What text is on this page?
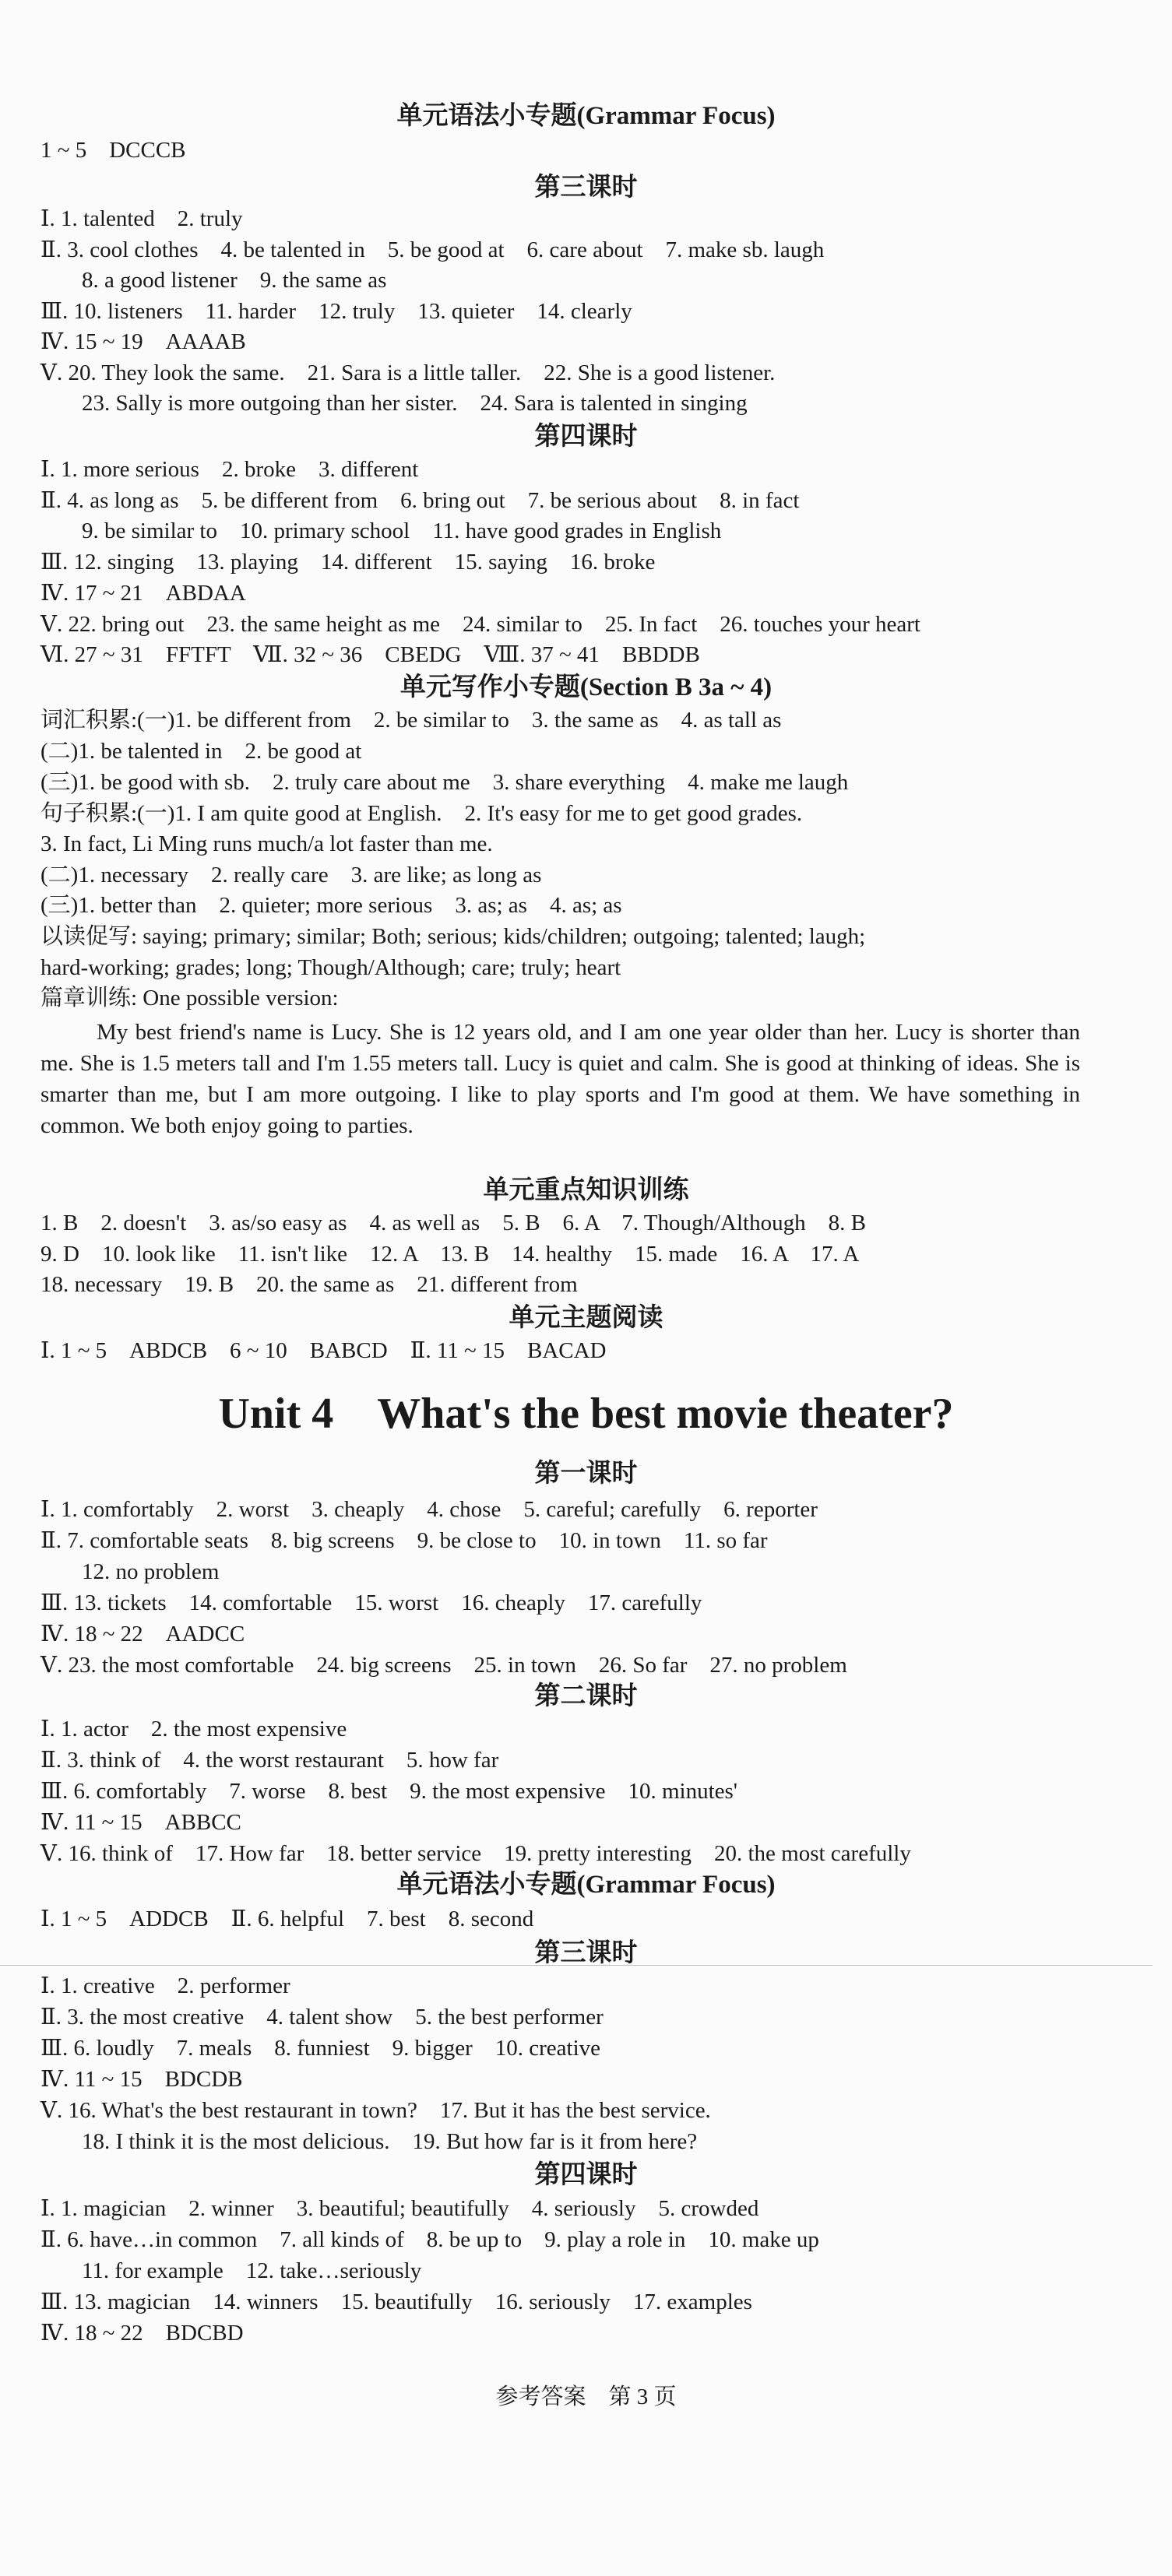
单元语法小专题(Grammar Focus)
1 ~ 5　DCCCB
第三课时
Ⅰ. 1. talented　2. truly
Ⅱ. 3. cool clothes　4. be talented in　5. be good at　6. care about　7. make sb. laugh
8. a good listener　9. the same as
Ⅲ. 10. listeners　11. harder　12. truly　13. quieter　14. clearly
Ⅳ. 15 ~ 19　AAAAB
Ⅴ. 20. They look the same.　21. Sara is a little taller.　22. She is a good listener.
23. Sally is more outgoing than her sister.　24. Sara is talented in singing
第四课时
Ⅰ. 1. more serious　2. broke　3. different
Ⅱ. 4. as long as　5. be different from　6. bring out　7. be serious about　8. in fact
9. be similar to　10. primary school　11. have good grades in English
Ⅲ. 12. singing　13. playing　14. different　15. saying　16. broke
Ⅳ. 17 ~ 21　ABDAA
Ⅴ. 22. bring out　23. the same height as me　24. similar to　25. In fact　26. touches your heart
Ⅵ. 27 ~ 31　FFTFT　Ⅶ. 32 ~ 36　CBEDG　Ⅷ. 37 ~ 41　BBDDB
单元写作小专题(Section B 3a ~ 4)
词汇积累:(一)1. be different from　2. be similar to　3. the same as　4. as tall as
(二)1. be talented in　2. be good at
(三)1. be good with sb.　2. truly care about me　3. share everything　4. make me laugh
句子积累:(一)1. I am quite good at English.　2. It's easy for me to get good grades.
3. In fact, Li Ming runs much/a lot faster than me.
(二)1. necessary　2. really care　3. are like; as long as
(三)1. better than　2. quieter; more serious　3. as; as　4. as; as
以读促写: saying; primary; similar; Both; serious; kids/children; outgoing; talented; laugh;
hard-working; grades; long; Though/Although; care; truly; heart
篇章训练: One possible version:
单元重点知识训练
1. B　2. doesn't　3. as/so easy as　4. as well as　5. B　6. A　7. Though/Although　8. B
9. D　10. look like　11. isn't like　12. A　13. B　14. healthy　15. made　16. A　17. A
18. necessary　19. B　20. the same as　21. different from
单元主题阅读
Ⅰ. 1 ~ 5　ABDCB　6 ~ 10　BABCD　Ⅱ. 11 ~ 15　BACAD
Unit 4　What's the best movie theater?
第一课时
Ⅰ. 1. comfortably　2. worst　3. cheaply　4. chose　5. careful; carefully　6. reporter
Ⅱ. 7. comfortable seats　8. big screens　9. be close to　10. in town　11. so far
12. no problem
Ⅲ. 13. tickets　14. comfortable　15. worst　16. cheaply　17. carefully
Ⅳ. 18 ~ 22　AADCC
Ⅴ. 23. the most comfortable　24. big screens　25. in town　26. So far　27. no problem
第二课时
Ⅰ. 1. actor　2. the most expensive
Ⅱ. 3. think of　4. the worst restaurant　5. how far
Ⅲ. 6. comfortably　7. worse　8. best　9. the most expensive　10. minutes'
Ⅳ. 11 ~ 15　ABBCC
Ⅴ. 16. think of　17. How far　18. better service　19. pretty interesting　20. the most carefully
单元语法小专题(Grammar Focus)
Ⅰ. 1 ~ 5　ADDCB　Ⅱ. 6. helpful　7. best　8. second
第三课时
Ⅰ. 1. creative　2. performer
Ⅱ. 3. the most creative　4. talent show　5. the best performer
Ⅲ. 6. loudly　7. meals　8. funniest　9. bigger　10. creative
Ⅳ. 11 ~ 15　BDCDB
Ⅴ. 16. What's the best restaurant in town?　17. But it has the best service.
18. I think it is the most delicious.　19. But how far is it from here?
第四课时
Ⅰ. 1. magician　2. winner　3. beautiful; beautifully　4. seriously　5. crowded
Ⅱ. 6. have…in common　7. all kinds of　8. be up to　9. play a role in　10. make up
11. for example　12. take…seriously
Ⅲ. 13. magician　14. winners　15. beautifully　16. seriously　17. examples
Ⅳ. 18 ~ 22　BDCBD

My best friend's name is Lucy. She is 12 years old, and I am one year older than her. Lucy is shorter than me. She is 1.5 meters tall and I'm 1.55 meters tall. Lucy is quiet and calm. She is good at thinking of ideas. She is smarter than me, but I am more outgoing. I like to play sports and I'm good at them. We have something in common. We both enjoy going to parties.

参考答案　第 3 页
